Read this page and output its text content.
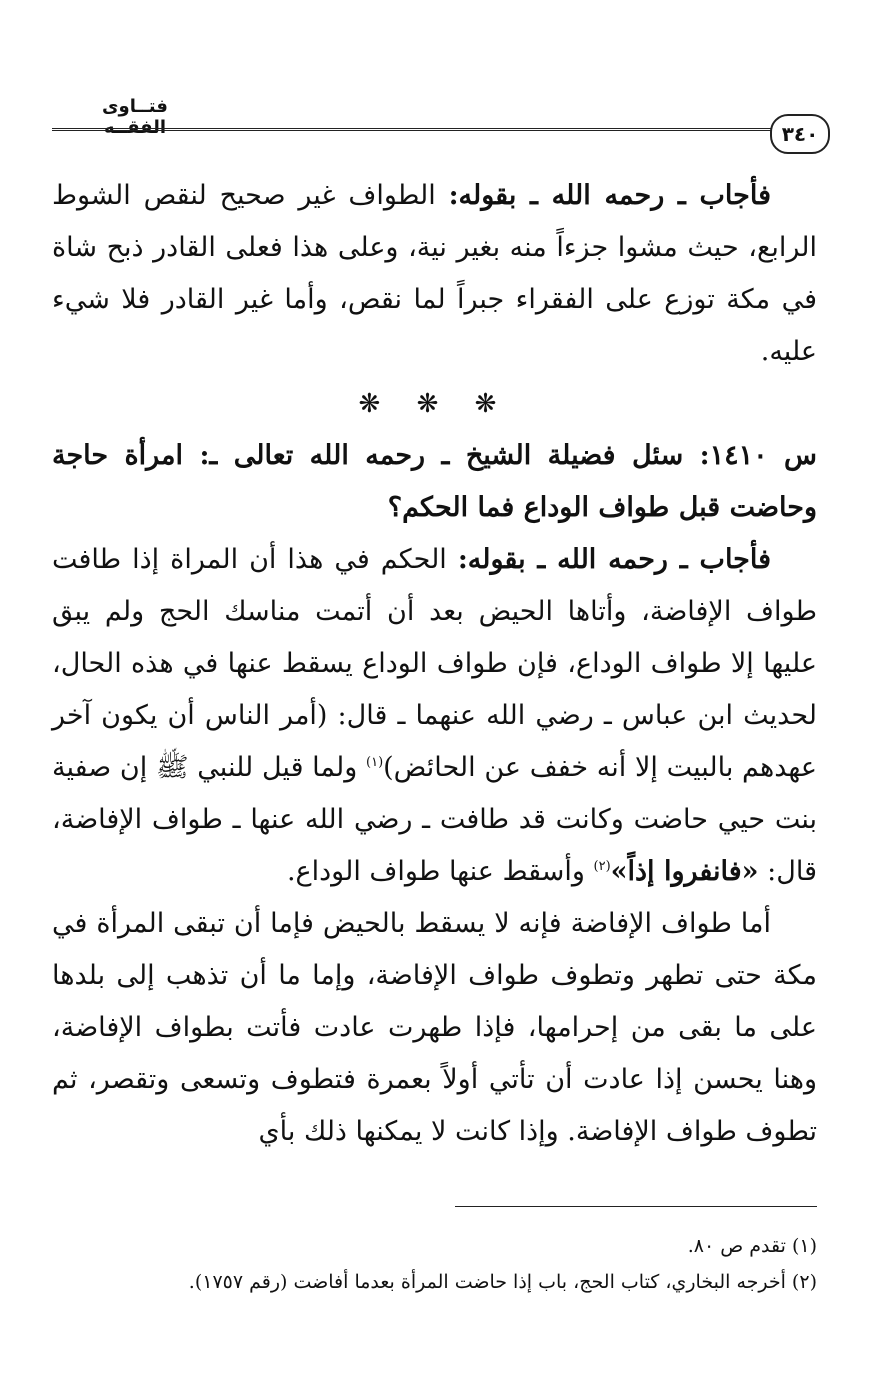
فتــاوى الفقــه	٣٤٠

فأجاب ـ رحمه الله ـ بقوله: الطواف غير صحيح لنقص الشوط الرابع، حيث مشوا جزءاً منه بغير نية، وعلى هذا فعلى القادر ذبح شاة في مكة توزع على الفقراء جبراً لما نقص، وأما غير القادر فلا شيء عليه.

❋ ❋ ❋

س ١٤١٠: سئل فضيلة الشيخ ـ رحمه الله تعالى ـ: امرأة حاجة وحاضت قبل طواف الوداع فما الحكم؟

فأجاب ـ رحمه الله ـ بقوله: الحكم في هذا أن المراة إذا طافت طواف الإفاضة، وأتاها الحيض بعد أن أتمت مناسك الحج ولم يبق عليها إلا طواف الوداع، فإن طواف الوداع يسقط عنها في هذه الحال، لحديث ابن عباس ـ رضي الله عنهما ـ قال: (أمر الناس أن يكون آخر عهدهم بالبيت إلا أنه خفف عن الحائض)$^{(١)}$ ولما قيل للنبي ﷺ إن صفية بنت حيي حاضت وكانت قد طافت ـ رضي الله عنها ـ طواف الإفاضة، قال: «فانفروا إذاً»$^{(٢)}$ وأسقط عنها طواف الوداع.

أما طواف الإفاضة فإنه لا يسقط بالحيض فإما أن تبقى المرأة في مكة حتى تطهر وتطوف طواف الإفاضة، وإما ما أن تذهب إلى بلدها على ما بقى من إحرامها، فإذا طهرت عادت فأتت بطواف الإفاضة، وهنا يحسن إذا عادت أن تأتي أولاً بعمرة فتطوف وتسعى وتقصر، ثم تطوف طواف الإفاضة. وإذا كانت لا يمكنها ذلك بأي

(١) تقدم ص ٨٠.

(٢) أخرجه البخاري، كتاب الحج، باب إذا حاضت المرأة بعدما أفاضت (رقم ١٧٥٧).
